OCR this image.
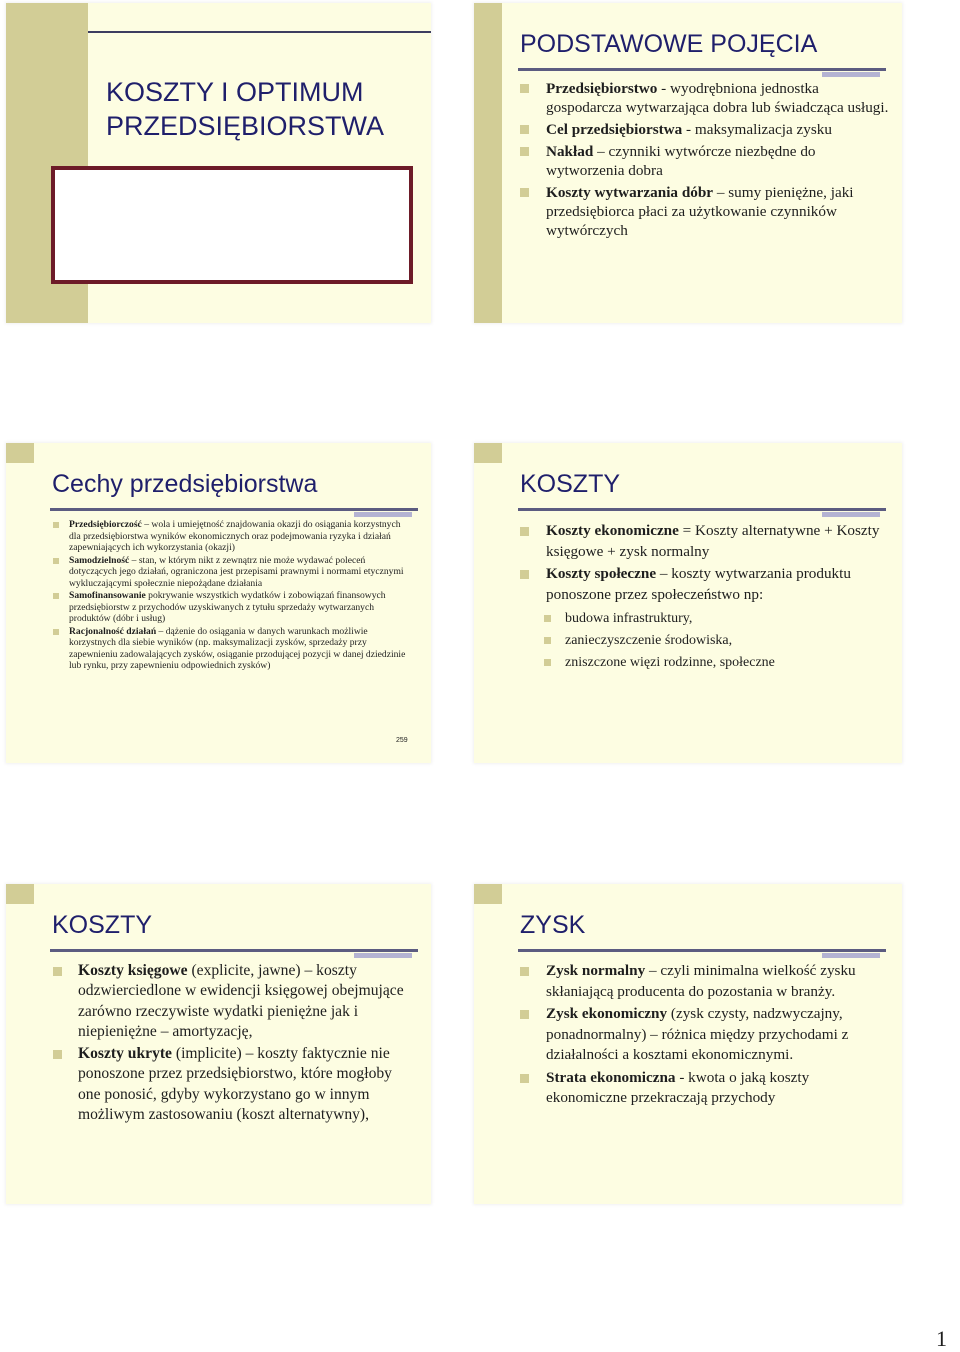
KOSZTY I OPTIMUM
PRZEDSIĘBIORSTWA
PODSTAWOWE POJĘCIA
Przedsiębiorstwo - wyodrębniona jednostka gospodarcza wytwarzająca dobra lub świadcząca usługi.
Cel przedsiębiorstwa - maksymalizacja zysku
Nakład – czynniki wytwórcze niezbędne do wytworzenia dobra
Koszty wytwarzania dóbr – sumy pieniężne, jaki przedsiębiorca płaci za użytkowanie czynników wytwórczych
Cechy przedsiębiorstwa
Przedsiębiorczość – wola i umiejętność znajdowania okazji do osiągania korzystnych dla przedsiębiorstwa wyników ekonomicznych oraz podejmowania ryzyka i działań zapewniających ich wykorzystania (okazji)
Samodzielność – stan, w którym nikt z zewnątrz nie może wydawać poleceń dotyczących jego działań, ograniczona jest przepisami prawnymi i normami etycznymi wykluczającymi społecznie niepożądane działania
Samofinansowanie pokrywanie wszystkich wydatków i zobowiązań finansowych przedsiębiorstw z przychodów uzyskiwanych z tytułu sprzedaży wytwarzanych produktów (dóbr i usług)
Racjonalność działań – dążenie do osiągania w danych warunkach możliwie korzystnych dla siebie wyników (np. maksymalizacji zysków, sprzedaży przy zapewnieniu zadowalających zysków, osiąganie przodującej pozycji w danej dziedzinie lub rynku, przy zapewnieniu odpowiednich zysków)
259
KOSZTY
Koszty ekonomiczne = Koszty alternatywne + Koszty księgowe + zysk normalny
Koszty społeczne – koszty wytwarzania produktu ponoszone przez społeczeństwo np:
budowa infrastruktury,
zanieczyszczenie środowiska,
zniszczone więzi rodzinne, społeczne
KOSZTY
Koszty księgowe (explicite, jawne) – koszty odzwierciedlone w ewidencji księgowej obejmujące zarówno rzeczywiste wydatki pieniężne jak i niepieniężne – amortyzację,
Koszty ukryte (implicite) – koszty faktycznie nie ponoszone przez przedsiębiorstwo, które mogłoby one ponosić, gdyby wykorzystano go w innym możliwym zastosowaniu (koszt alternatywny),
ZYSK
Zysk normalny – czyli minimalna wielkość zysku skłaniającą producenta do pozostania w branży.
Zysk ekonomiczny (zysk czysty, nadzwyczajny, ponadnormalny) – różnica między przychodami z działalności a kosztami ekonomicznymi.
Strata ekonomiczna - kwota o jaką koszty ekonomiczne przekraczają przychody
1
